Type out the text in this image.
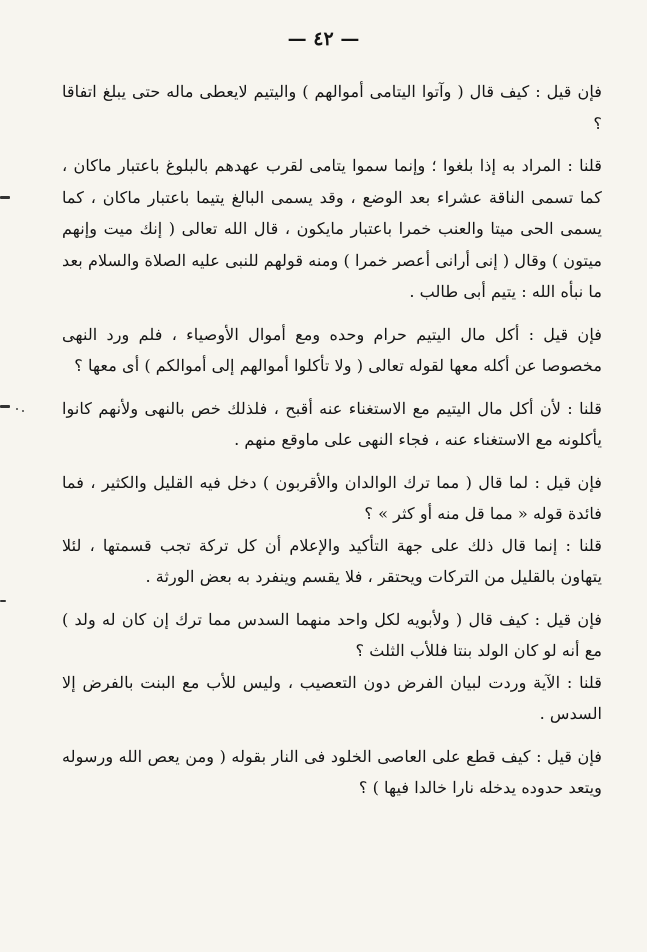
— ٤٢ —

فإن قيل : كيف قال ( وآتوا اليتامى أموالهم ) واليتيم لايعطى ماله حتى يبلغ اتفاقا ؟

قلنا : المراد به إذا بلغوا ؛ وإنما سموا يتامى لقرب عهدهم بالبلوغ باعتبار ماكان ، كما تسمى الناقة عشراء بعد الوضع ، وقد يسمى البالغ يتيما باعتبار ماكان ، كما يسمى الحى ميتا والعنب خمرا باعتبار مايكون ، قال الله تعالى ( إنك ميت وإنهم ميتون ) وقال ( إنى أرانى أعصر خمرا ) ومنه قولهم للنبى عليه الصلاة والسلام بعد ما نبأه الله : يتيم أبى طالب .

فإن قيل : أكل مال اليتيم حرام وحده ومع أموال الأوصياء ، فلم ورد النهى مخصوصا عن أكله معها لقوله تعالى ( ولا تأكلوا أموالهم إلى أموالكم ) أى معها ؟

قلنا : لأن أكل مال اليتيم مع الاستغناء عنه أقبح ، فلذلك خص بالنهى ولأنهم كانوا يأكلونه مع الاستغناء عنه ، فجاء النهى على ماوقع منهم .

فإن قيل : لما قال ( مما ترك الوالدان والأقربون ) دخل فيه القليل والكثير ، فما فائدة قوله « مما قل منه أو كثر » ؟

قلنا : إنما قال ذلك على جهة التأكيد والإعلام أن كل تركة تجب قسمتها ، لئلا يتهاون بالقليل من التركات ويحتقر ، فلا يقسم وينفرد به بعض الورثة .

فإن قيل : كيف قال ( ولأبويه لكل واحد منهما السدس مما ترك إن كان له ولد ) مع أنه لو كان الولد بنتا فللأب الثلث ؟

قلنا : الآية وردت لبيان الفرض دون التعصيب ، وليس للأب مع البنت بالفرض إلا السدس .

فإن قيل : كيف قطع على العاصى الخلود فى النار بقوله ( ومن يعص الله ورسوله ويتعد حدوده يدخله نارا خالدا فيها ) ؟
